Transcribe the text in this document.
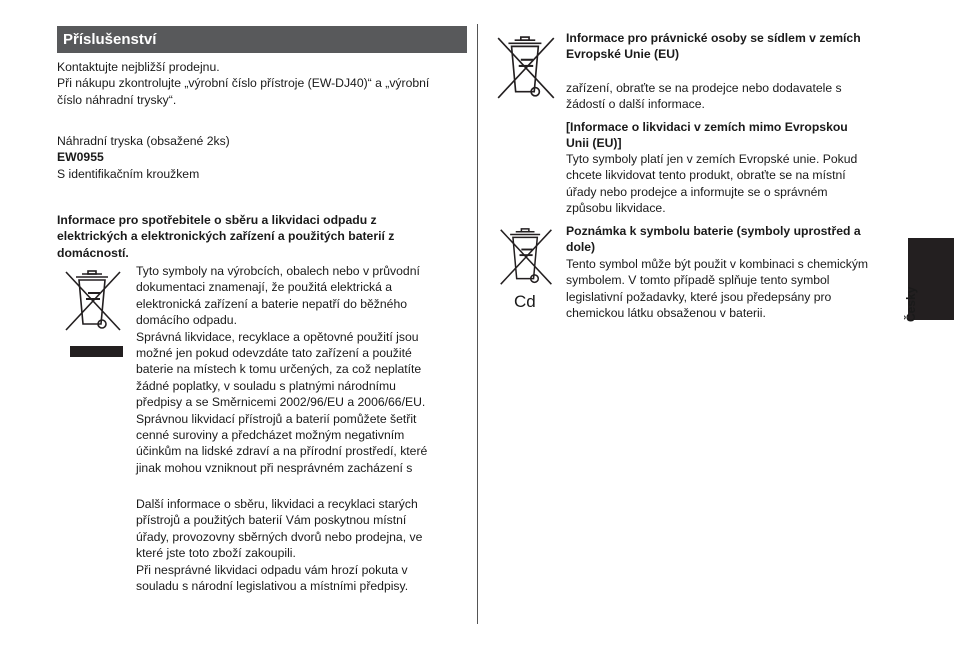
Příslušenství
Kontaktujte nejbližší prodejnu.
Při nákupu zkontrolujte „výrobní číslo přístroje (EW-DJ40)“ a „výrobní
číslo náhradní trysky“.
Náhradní tryska (obsažené 2ks)
EW0955
S identifikačním kroužkem
Informace pro spotřebitele o sběru a likvidaci odpadu z
elektrických a elektronických zařízení a použitých baterií z
domácností.
Tyto symboly na výrobcích, obalech nebo v průvodní
dokumentaci znamenají, že použitá elektrická a
elektronická zařízení a baterie nepatří do běžného
domácího odpadu.
Správná likvidace, recyklace a opětovné použití jsou
možné jen pokud odevzdáte tato zařízení a použité
baterie na místech k tomu určených, za což neplatíte
žádné poplatky, v souladu s platnými národnímu
předpisy a se Směrnicemi 2002/96/EU a 2006/66/EU.
Správnou likvidací přístrojů a baterií pomůžete šetřit
cenné suroviny a předcházet možným negativním
účinkům na lidské zdraví a na přírodní prostředí, které
jinak mohou vzniknout při nesprávném zacházení s
Další informace o sběru, likvidaci a recyklaci starých
přístrojů a použitých baterií Vám poskytnou místní
úřady, provozovny sběrných dvorů nebo prodejna, ve
které jste toto zboží zakoupili.
Při nesprávné likvidaci odpadu vám hrozí pokuta v
souladu s národní legislativou a místními předpisy.
Informace pro právnické osoby se sídlem v zemích
Evropské Unie (EU)
zařízení, obraťte se na prodejce nebo dodavatele s
žádostí o další informace.
[Informace o likvidaci v zemích mimo Evropskou
Unii (EU)]
Tyto symboly platí jen v zemích Evropské unie. Pokud
chcete likvidovat tento produkt, obraťte se na místní
úřady nebo prodejce a informujte se o správném
způsobu likvidace.
Cd
Poznámka k symbolu baterie (symboly uprostřed a
dole)
Tento symbol může být použit v kombinaci s chemickým
symbolem. V tomto případě splňuje tento symbol
legislativní požadavky, které jsou předepsány pro
chemickou látku obsaženou v baterii.	Česky
